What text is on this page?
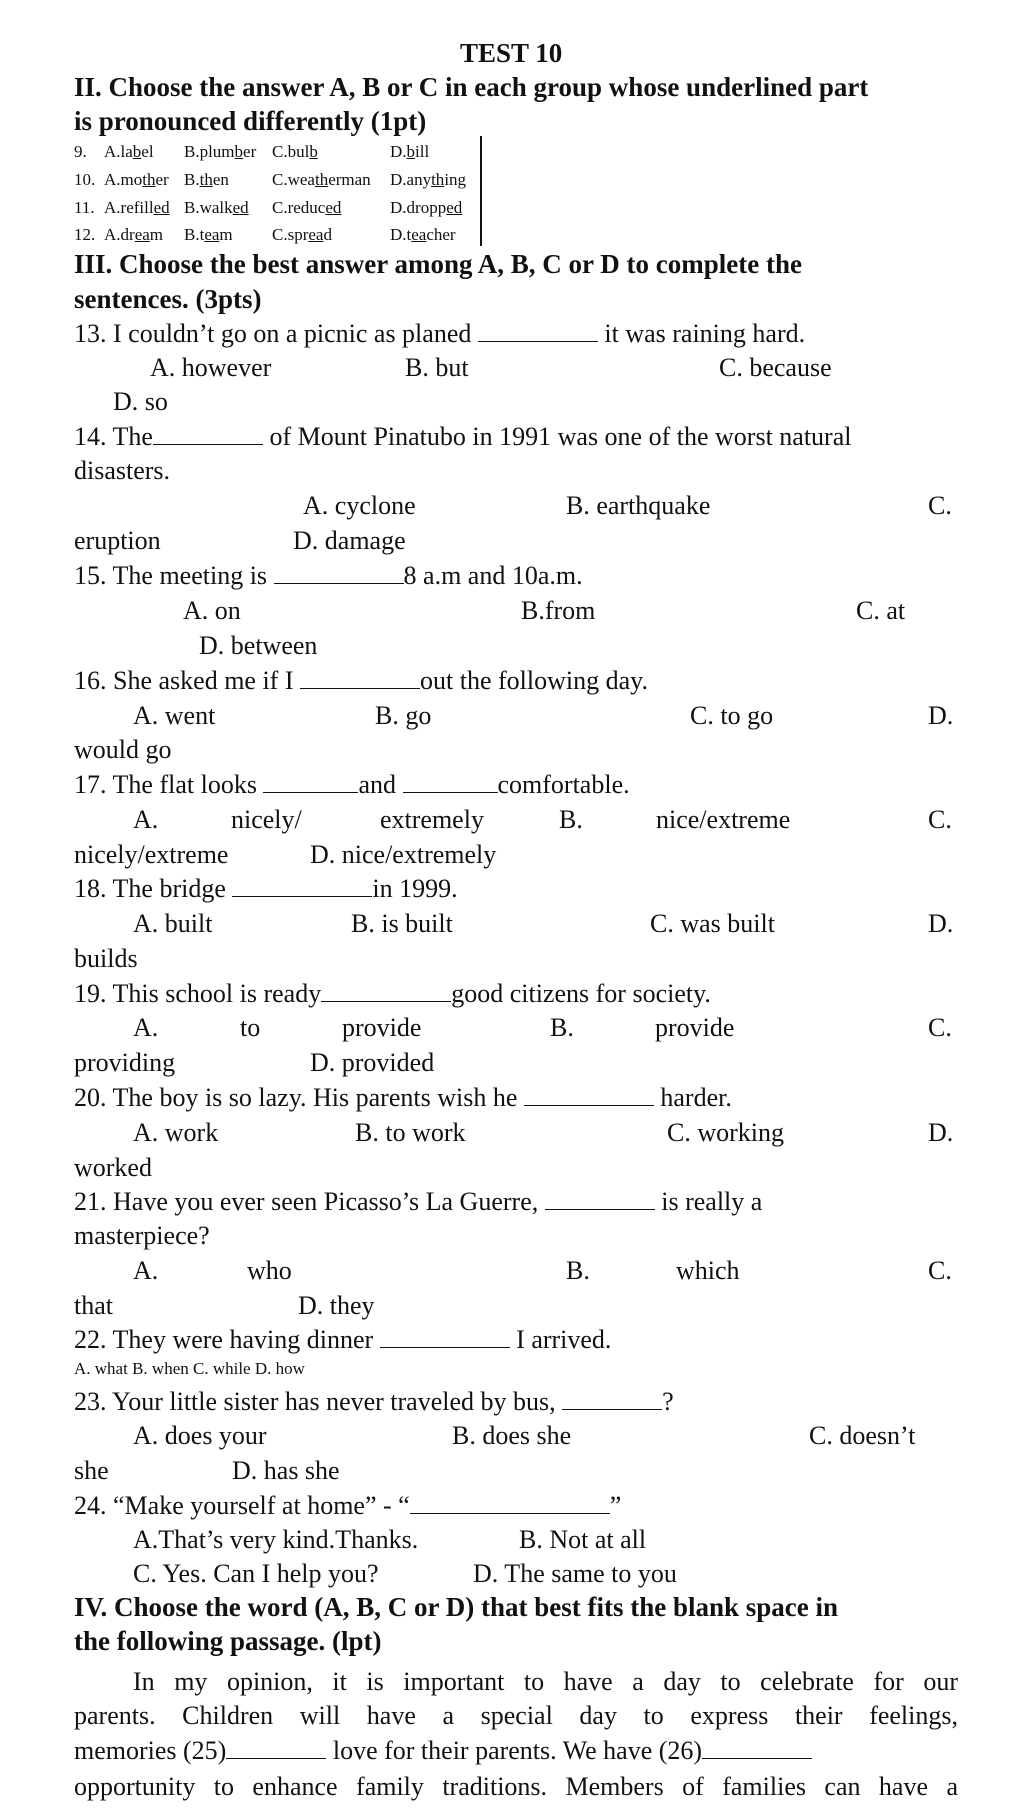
TEST 10
II. Choose the answer A, B or C in each group whose underlined part
is pronounced differently (1pt)
9. A.label B.plumber C.bulb	D.bill
10. A.mother B.then	C.weatherman D.anything
11. A.refilled B.walked C.reduced	D.dropped
12. A.dream B.team C.spread	D.teacher
III. Choose the best answer among A, B, C or D to complete the
sentences. (3pts)
13. I couldn’t go on a picnic as planed	it was raining hard.
A. however	B. but	C. because
D. so
14. The	of Mount Pinatubo in 1991 was one of the worst natural
disasters.
A. cyclone	B. earthquake	C.
eruption	D. damage
15. The meeting is	8 a.m and 10a.m.
A. on	B.from	C. at
D. between
16. She asked me if I	out the following day.
A. went	B. go	C. to go	D.
would go
17. The flat looks	and	comfortable.
A.	nicely/	extremely	B.	nice/extreme	C.
nicely/extreme	D. nice/extremely
18. The bridge	in 1999.
A. built	B. is built	C. was built	D.
builds
19. This school is ready	good citizens for society.
A.	to	provide	B.	provide	C.
providing	D. provided
20. The boy is so lazy. His parents wish he	harder.
A. work	B. to work	C. working	D.
worked
21. Have you ever seen Picasso’s La Guerre,	is really a
masterpiece?
A.	who	B.	which	C.
that	D. they
22. They were having dinner	I arrived.
A. what B. when C. while D. how
23. Your little sister has never traveled by bus,	?
A. does your	B. does she	C. doesn’t
she	D. has she
24. “Make yourself at home” - “	”
A.That’s very kind.Thanks.	B. Not at all
C. Yes. Can I help you?	D. The same to you
IV. Choose the word (A, B, C or D) that best fits the blank space in
the following passage. (lpt)
In my opinion, it is important to have a day to celebrate for our
parents. Children will have a special day to express their feelings,
memories (25)	love for their parents. We have (26)
opportunity to enhance family traditions. Members of families can have a
